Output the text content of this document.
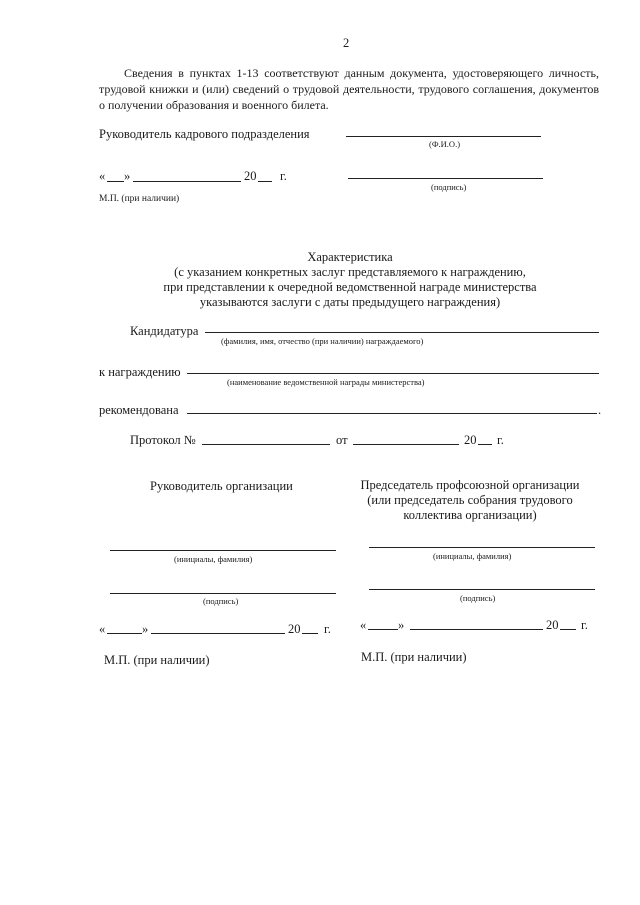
2
Сведения в пунктах 1-13 соответствуют данным документа, удостоверяющего личность, трудовой книжки и (или) сведений о трудовой деятельности, трудового соглашения, документов о получении образования и военного билета.
Руководитель кадрового подразделения
(Ф.И.О.)
« »	20 г.
(подпись)
М.П. (при наличии)
Характеристика
(с указанием конкретных заслуг представляемого к награждению,
при представлении к очередной ведомственной награде министерства
указываются заслуги с даты предыдущего награждения)
Кандидатура
(фамилия, имя, отчество (при наличии) награждаемого)
к награждению
(наименование ведомственной награды министерства)
рекомендована	.
Протокол №	от	20 г.
Руководитель организации
(инициалы, фамилия)
(подпись)
«	»	20 г.
М.П. (при наличии)
Председатель профсоюзной организации
(или председатель собрания трудового
коллектива организации)
(инициалы, фамилия)
(подпись)
«	»	20 г.
М.П. (при наличии)
